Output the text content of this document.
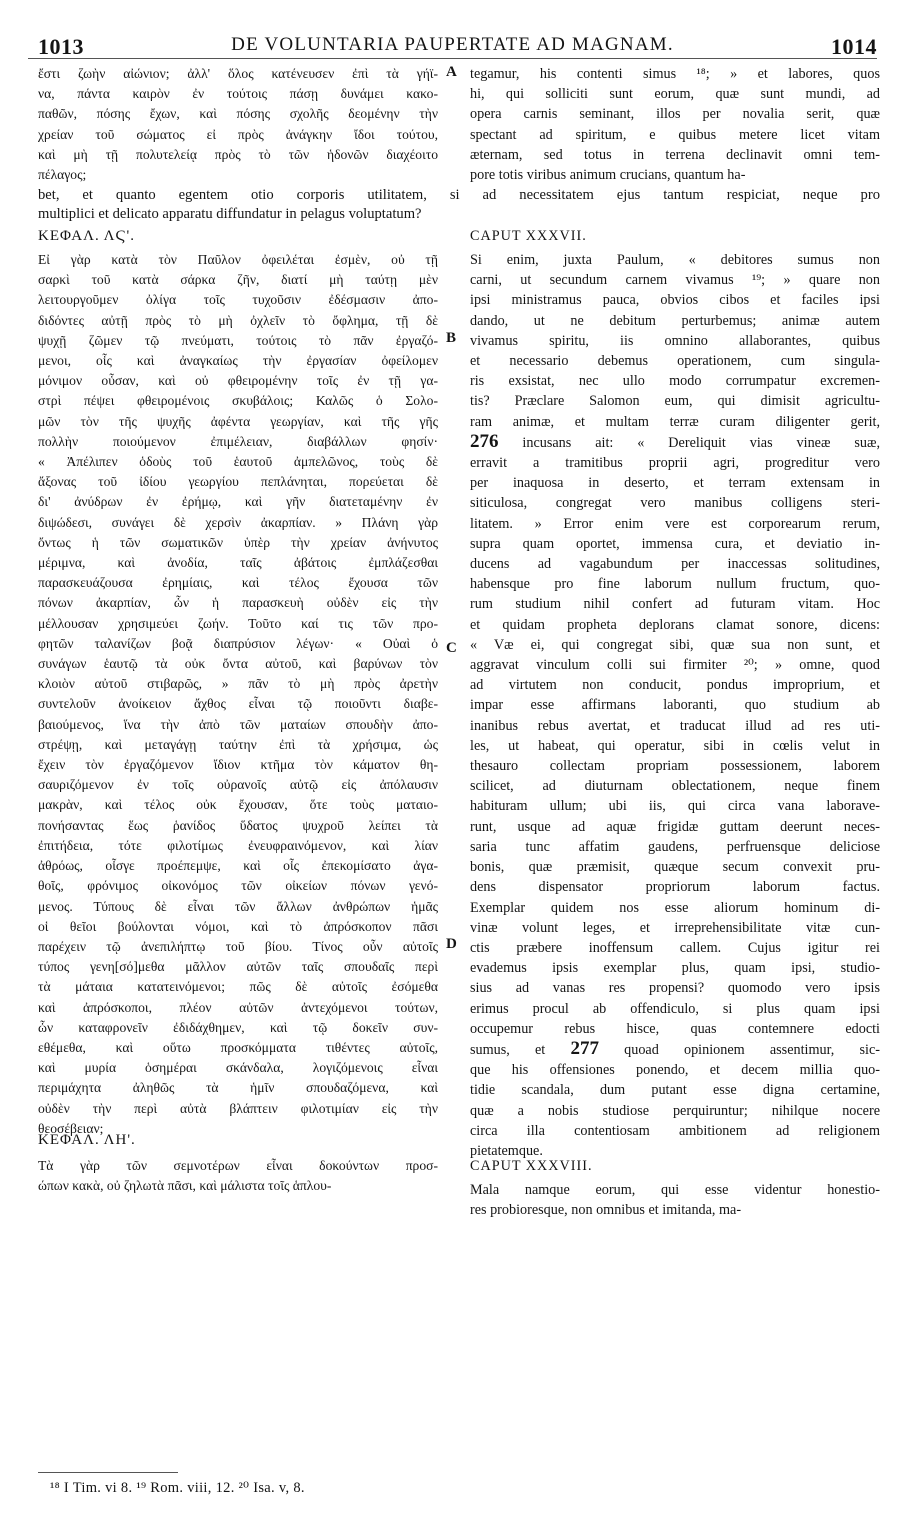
1013	DE VOLUNTARIA PAUPERTATE AD MAGNAM.	1014
ἔστι ζωὴν αἰώνιον; ἀλλ' ὅλος κατένευσεν ἐπὶ τὰ γήϊ-
να, πάντα καιρὸν ἐν τούτοις πάσῃ δυνάμει κακο-
παθῶν, πόσης ἔχων, καὶ πόσης σχολῆς δεομένην τὴν
χρείαν τοῦ σώματος εἰ πρὸς ἀνάγκην ἴδοι τούτου,
καὶ μὴ τῇ πολυτελείᾳ πρὸς τὸ τῶν ἡδονῶν διαχέοιτο
πέλαγος;
tegamur, his contenti simus ¹⁸; » et labores, quos
hi, qui solliciti sunt eorum, quæ sunt mundi, ad
opera carnis seminant, illos per novalia serit, quæ
spectant ad spiritum, e quibus metere licet vitam
æternam, sed totus in terrena declinavit omni tem-
pore totis viribus animum crucians, quantum ha-
bet, et quanto egentem otio corporis utilitatem, si ad necessitatem ejus tantum respiciat, neque pro
multiplici et delicato apparatu diffundatur in pelagus voluptatum?
ΚΕΦΑΛ. ΛϚ'.	CAPUT XXXVII.
Εἰ γὰρ κατὰ τὸν Παῦλον ὀφειλέται ἐσμὲν, οὐ τῇ
σαρκὶ τοῦ κατὰ σάρκα ζῆν, διατί μὴ ταύτῃ μὲν
λειτουργοῦμεν ὀλίγα τοῖς τυχοῦσιν ἐδέσμασιν ἀπο-
διδόντες αὐτῇ πρὸς τὸ μὴ ὀχλεῖν τὸ ὄφλημα, τῇ δὲ
ψυχῇ ζῶμεν τῷ πνεύματι, τούτοις τὸ πᾶν ἐργαζό-
μενοι, οἷς καὶ ἀναγκαίως τὴν ἐργασίαν ὀφείλομεν
μόνιμον οὖσαν, καὶ οὐ φθειρομένην τοῖς ἐν τῇ γα-
στρὶ πέψει φθειρομένοις σκυβάλοις; Καλῶς ὁ Σολο-
μῶν τὸν τῆς ψυχῆς ἀφέντα γεωργίαν, καὶ τῆς γῆς
πολλὴν ποιούμενον ἐπιμέλειαν, διαβάλλων φησίν·
« Ἀπέλιπεν ὁδοὺς τοῦ ἑαυτοῦ ἀμπελῶνος, τοὺς δὲ
ἄξονας τοῦ ἰδίου γεωργίου πεπλάνηται, πορεύεται δὲ
δι' ἀνύδρων ἐν ἐρήμῳ, καὶ γῆν διατεταμένην ἐν
διψώδεσι, συνάγει δὲ χερσὶν ἀκαρπίαν. » Πλάνη γὰρ
ὄντως ἡ τῶν σωματικῶν ὑπὲρ τὴν χρείαν ἀνήνυτος
μέριμνα, καὶ ἀνοδία, ταῖς ἀβάτοις ἐμπλάζεσθαι
παρασκευάζουσα ἐρημίαις, καὶ τέλος ἔχουσα τῶν
πόνων ἀκαρπίαν, ὧν ἡ παρασκευὴ οὐδὲν εἰς τὴν
μέλλουσαν χρησιμεύει ζωήν. Τοῦτο καί τις τῶν προ-
φητῶν ταλανίζων βοᾷ διαπρύσιον λέγων· « Οὐαὶ ὁ
συνάγων ἑαυτῷ τὰ οὐκ ὄντα αὐτοῦ, καὶ βαρύνων τὸν
κλοιὸν αὐτοῦ στιβαρῶς, » πᾶν τὸ μὴ πρὸς ἀρετὴν
συντελοῦν ἀνοίκειον ἄχθος εἶναι τῷ ποιοῦντι διαβε-
βαιούμενος, ἵνα τὴν ἀπὸ τῶν ματαίων σπουδὴν ἀπο-
στρέψῃ, καὶ μεταγάγῃ ταύτην ἐπὶ τὰ χρήσιμα, ὡς
ἔχειν τὸν ἐργαζόμενον ἴδιον κτῆμα τὸν κάματον θη-
σαυριζόμενον ἐν τοῖς οὐρανοῖς αὐτῷ εἰς ἀπόλαυσιν
μακρὰν, καὶ τέλος οὐκ ἔχουσαν, ὅτε τοὺς ματαιο-
πονήσαντας ἕως ῥανίδος ὕδατος ψυχροῦ λείπει τὰ
ἐπιτήδεια, τότε φιλοτίμως ἐνευφραινόμενον, καὶ λίαν
ἀθρόως, οἷσγε προέπεμψε, καὶ οἷς ἐπεκομίσατο ἀγα-
θοῖς, φρόνιμος οἰκονόμος τῶν οἰκείων πόνων γενό-
μενος. Τύπους δὲ εἶναι τῶν ἄλλων ἀνθρώπων ἡμᾶς
οἱ θεῖοι βούλονται νόμοι, καὶ τὸ ἀπρόσκοπον πᾶσι
παρέχειν τῷ ἀνεπιλήπτῳ τοῦ βίου. Τίνος οὖν αὐτοῖς
τύπος γενη[σό]μεθα μᾶλλον αὐτῶν ταῖς σπουδαῖς περὶ
τὰ μάταια κατατεινόμενοι; πῶς δὲ αὐτοῖς ἐσόμεθα
καὶ ἀπρόσκοποι, πλέον αὐτῶν ἀντεχόμενοι τούτων,
ὧν καταφρονεῖν ἐδιδάχθημεν, καὶ τῷ δοκεῖν συν-
εθέμεθα, καὶ οὕτω προσκόμματα τιθέντες αὐτοῖς,
καὶ μυρία ὁσημέραι σκάνδαλα, λογιζόμενοις εἶναι
περιμάχητα ἀληθῶς τὰ ἡμῖν σπουδαζόμενα, καὶ
οὐδὲν τὴν περὶ αὐτὰ βλάπτειν φιλοτιμίαν εἰς τὴν
θεοσέβειαν;
Si enim, juxta Paulum, « debitores sumus non
carni, ut secundum carnem vivamus ¹⁹; » quare non
ipsi ministramus pauca, obvios cibos et faciles ipsi
dando, ut ne debitum perturbemus; animæ autem
vivamus spiritu, iis omnino allaborantes, quibus
et necessario debemus operationem, cum singula-
ris exsistat, nec ullo modo corrumpatur excremen-
tis? Præclare Salomon eum, qui dimisit agricultu-
ram animæ, et multam terræ curam diligenter gerit,
276 incusans ait: « Dereliquit vias vineæ suæ,
erravit a tramitibus proprii agri, progreditur vero
per inaquosa in deserto, et terram extensam in
siticulosa, congregat vero manibus colligens steri-
litatem. » Error enim vere est corporearum rerum,
supra quam oportet, immensa cura, et deviatio in-
ducens ad vagabundum per inaccessas solitudines,
habensque pro fine laborum nullum fructum, quo-
rum studium nihil confert ad futuram vitam. Hoc
et quidam propheta deplorans clamat sonore, dicens:
« Væ ei, qui congregat sibi, quæ sua non sunt, et
aggravat vinculum colli sui firmiter ²⁰; » omne, quod
ad virtutem non conducit, pondus improprium, et
impar esse affirmans laboranti, quo studium ab
inanibus rebus avertat, et traducat illud ad res uti-
les, ut habeat, qui operatur, sibi in cœlis velut in
thesauro collectam propriam possessionem, laborem
scilicet, ad diuturnam oblectationem, neque finem
habituram ullum; ubi iis, qui circa vana laborave-
runt, usque ad aquæ frigidæ guttam deerunt neces-
saria tunc affatim gaudens, perfruensque deliciose
bonis, quæ præmisit, quæque secum convexit pru-
dens dispensator propriorum laborum factus.
Exemplar quidem nos esse aliorum hominum di-
vinæ volunt leges, et irreprehensibilitate vitæ cun-
ctis præbere inoffensum callem. Cujus igitur rei
evademus ipsis exemplar plus, quam ipsi, studio-
sius ad vanas res propensi? quomodo vero ipsis
erimus procul ab offendiculo, si plus quam ipsi
occupemur rebus hisce, quas contemnere edocti
sumus, et 277 quoad opinionem assentimur, sic-
que his offensiones ponendo, et decem millia quo-
tidie scandala, dum putant esse digna certamine,
quæ a nobis studiose perquiruntur; nihilque nocere
circa illa contentiosam ambitionem ad religionem
pietatemque.
CAPUT XXXVIII.
Mala namque eorum, qui esse videntur honestio-
res probioresque, non omnibus et imitanda, ma-
ΚΕΦΑΛ. ΛΗ'.
Τὰ γὰρ τῶν σεμνοτέρων εἶναι δοκούντων προσ-
ώπων κακὰ, οὐ ζηλωτὰ πᾶσι, καὶ μάλιστα τοῖς ἁπλου-
A
B
C
D
¹⁸ I Tim. vi 8. ¹⁹ Rom. viii, 12. ²⁰ Isa. v, 8.
